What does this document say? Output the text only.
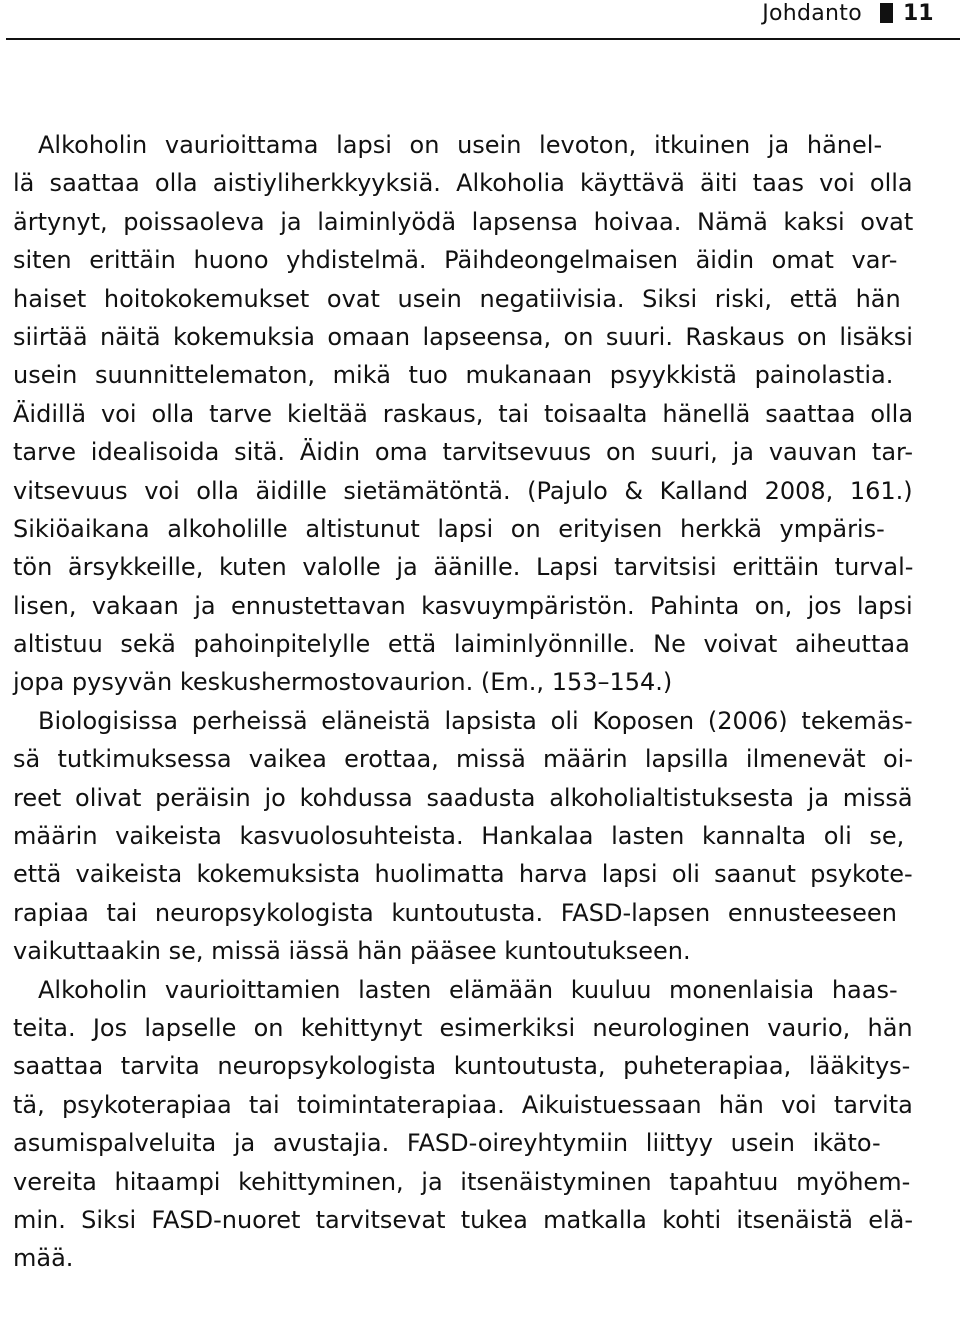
Johdanto 11
Alkoholin vaurioittama lapsi on usein levoton, itkuinen ja hänel-
lä saattaa olla aistiyliherkkyyksiä. Alkoholia käyttävä äiti taas voi olla
ärtynyt, poissaoleva ja laiminlyödä lapsensa hoivaa. Nämä kaksi ovat
siten erittäin huono yhdistelmä. Päihdeongelmaisen äidin omat var-
haiset hoitokokemukset ovat usein negatiivisia. Siksi riski, että hän
siirtää näitä kokemuksia omaan lapseensa, on suuri. Raskaus on lisäksi
usein suunnittelematon, mikä tuo mukanaan psyykkistä painolastia.
Äidillä voi olla tarve kieltää raskaus, tai toisaalta hänellä saattaa olla
tarve idealisoida sitä. Äidin oma tarvitsevuus on suuri, ja vauvan tar-
vitsevuus voi olla äidille sietämätöntä. (Pajulo & Kalland 2008, 161.)
Sikiöaikana alkoholille altistunut lapsi on erityisen herkkä ympäris-
tön ärsykkeille, kuten valolle ja äänille. Lapsi tarvitsisi erittäin turval-
lisen, vakaan ja ennustettavan kasvuympäristön. Pahinta on, jos lapsi
altistuu sekä pahoinpitelylle että laiminlyönnille. Ne voivat aiheuttaa
jopa pysyvän keskushermostovaurion. (Em., 153–154.)
Biologisissa perheissä eläneistä lapsista oli Koposen (2006) tekemäs-
sä tutkimuksessa vaikea erottaa, missä määrin lapsilla ilmenevät oi-
reet olivat peräisin jo kohdussa saadusta alkoholialtistuksesta ja missä
määrin vaikeista kasvuolosuhteista. Hankalaa lasten kannalta oli se,
että vaikeista kokemuksista huolimatta harva lapsi oli saanut psykote-
rapiaa tai neuropsykologista kuntoutusta. FASD-lapsen ennusteeseen
vaikuttaakin se, missä iässä hän pääsee kuntoutukseen.
Alkoholin vaurioittamien lasten elämään kuuluu monenlaisia haas-
teita. Jos lapselle on kehittynyt esimerkiksi neurologinen vaurio, hän
saattaa tarvita neuropsykologista kuntoutusta, puheterapiaa, lääkitys-
tä, psykoterapiaa tai toimintaterapiaa. Aikuistuessaan hän voi tarvita
asumispalveluita ja avustajia. FASD-oireyhtymiin liittyy usein ikäto-
vereita hitaampi kehittyminen, ja itsenäistyminen tapahtuu myöhem-
min. Siksi FASD-nuoret tarvitsevat tukea matkalla kohti itsenäistä elä-
mää.
